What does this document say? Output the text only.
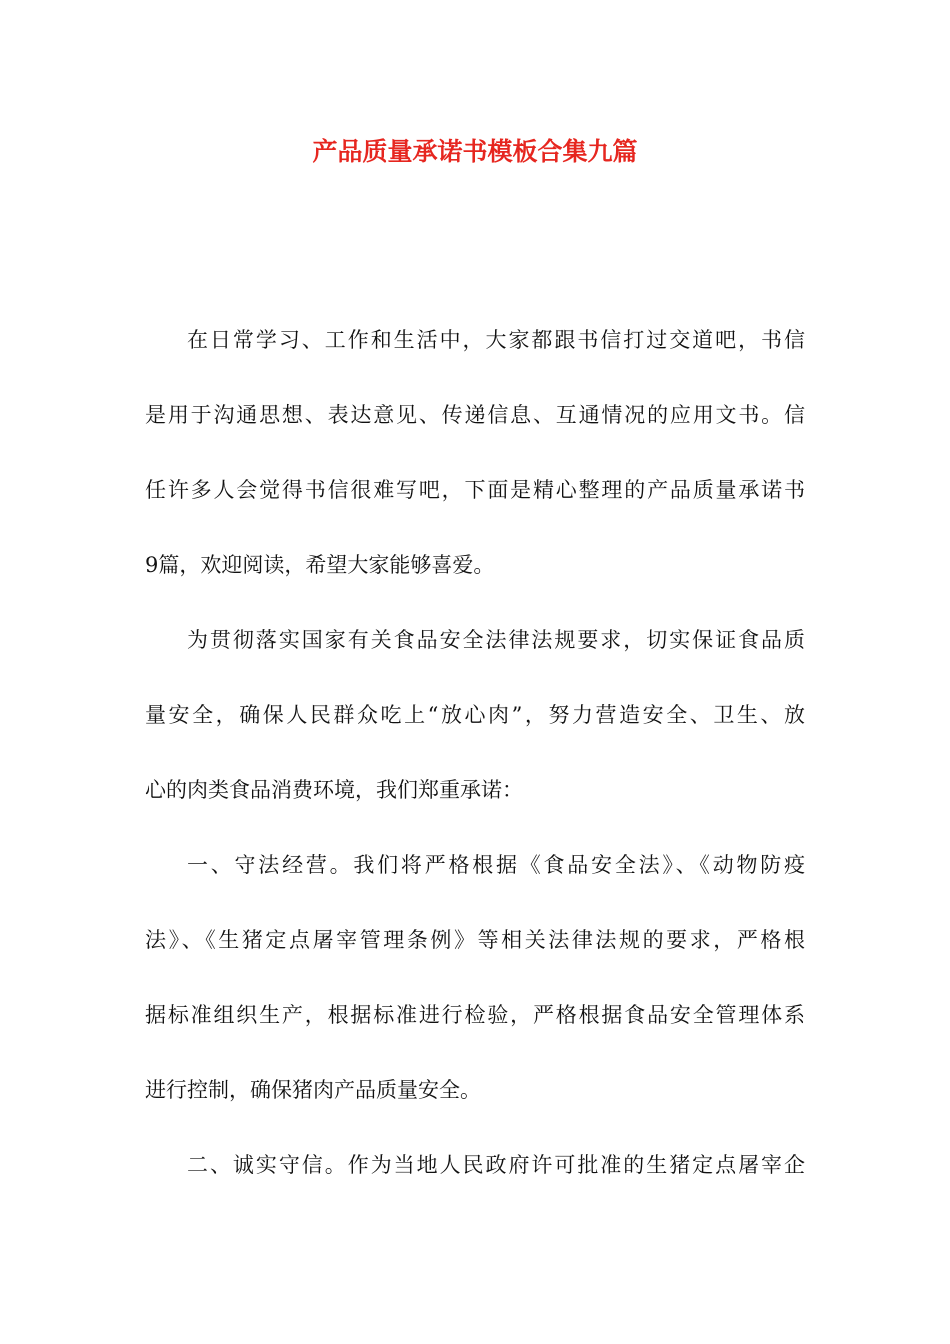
产品质量承诺书模板合集九篇

在日常学习、工作和生活中，大家都跟书信打过交道吧，书信
是用于沟通思想、表达意见、传递信息、互通情况的应用文书。信
任许多人会觉得书信很难写吧，下面是精心整理的产品质量承诺书
9篇，欢迎阅读，希望大家能够喜爱。

为贯彻落实国家有关食品安全法律法规要求，切实保证食品质
量安全，确保人民群众吃上“放心肉”，努力营造安全、卫生、放
心的肉类食品消费环境，我们郑重承诺：

一、守法经营。我们将严格根据《食品安全法》、《动物防疫
法》、《生猪定点屠宰管理条例》等相关法律法规的要求，严格根
据标准组织生产，根据标准进行检验，严格根据食品安全管理体系
进行控制，确保猪肉产品质量安全。

二、诚实守信。作为当地人民政府许可批准的生猪定点屠宰企
